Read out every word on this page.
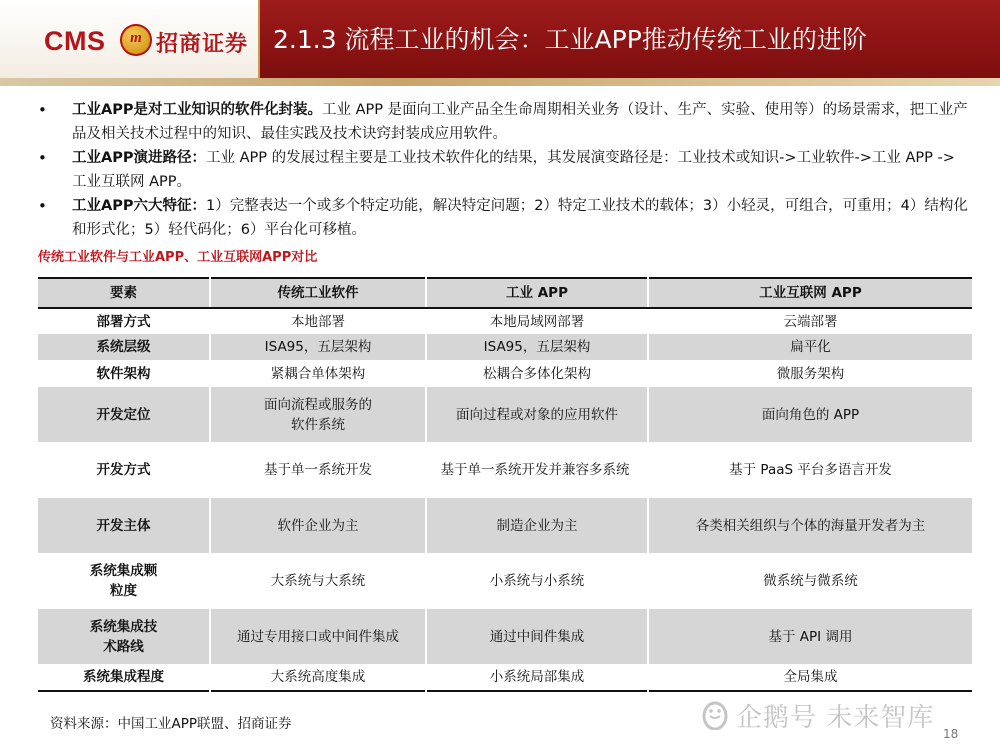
CMS	m 招商证券 2.1.3 流程工业的机会：工业APP推动传统工业的进阶
• 工业APP是对工业知识的软件化封装。工业 APP 是面向工业产品全生命周期相关业务（设计、生产、实验、使用等）的场景需求，把工业产品及相关技术过程中的知识、最佳实践及技术诀窍封装成应用软件。
• 工业APP演进路径：工业 APP 的发展过程主要是工业技术软件化的结果，其发展演变路径是：工业技术或知识->工业软件->工业 APP ->工业互联网 APP。
• 工业APP六大特征：1）完整表达一个或多个特定功能，解决特定问题；2）特定工业技术的载体；3）小轻灵，可组合，可重用；4）结构化和形式化；5）轻代码化；6）平台化可移植。
传统工业软件与工业APP、工业互联网APP对比
要素	传统工业软件	工业 APP	工业互联网 APP
部署方式	本地部署	本地局域网部署	云端部署
系统层级	ISA95，五层架构	ISA95，五层架构	扁平化
软件架构	紧耦合单体架构	松耦合多体化架构	微服务架构
开发定位	面向流程或服务的软件系统	面向过程或对象的应用软件	面向角色的 APP
开发方式	基于单一系统开发	基于单一系统开发并兼容多系统	基于 PaaS 平台多语言开发
开发主体	软件企业为主	制造企业为主	各类相关组织与个体的海量开发者为主
系统集成颗粒度	大系统与大系统	小系统与小系统	微系统与微系统
系统集成技术路线	通过专用接口或中间件集成	通过中间件集成	基于 API 调用
系统集成程度	大系统高度集成	小系统局部集成	全局集成
资料来源：中国工业APP联盟、招商证券	企鹅号 未来智库
18
